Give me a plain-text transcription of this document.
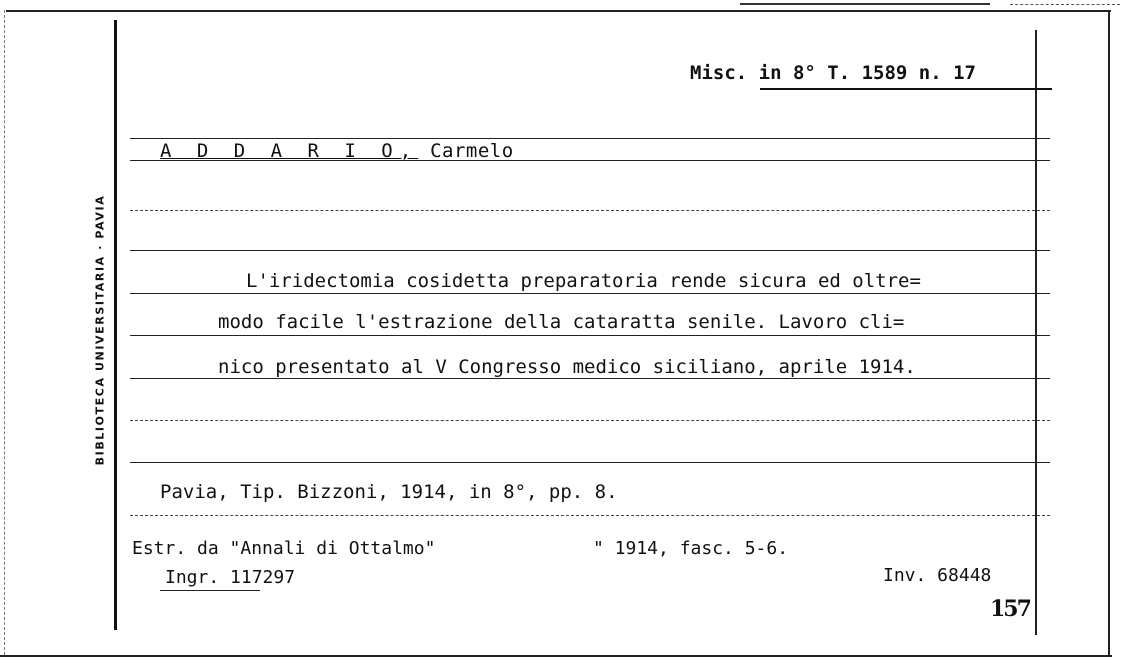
BIBLIOTECA UNIVERSITARIA · PAVIA
Misc. in 8° T. 1589 n. 17
A D D A R I O, Carmelo
L'iridectomia cosidetta preparatoria rende sicura ed oltre=
modo facile l'estrazione della cataratta senile. Lavoro cli=
nico presentato al V Congresso medico siciliano, aprile 1914.
Pavia, Tip. Bizzoni, 1914, in 8°, pp. 8.
Estr. da "Annali di Ottalmo"	" 1914, fasc. 5-6.
Ingr. 117297	Inv. 68448
157
